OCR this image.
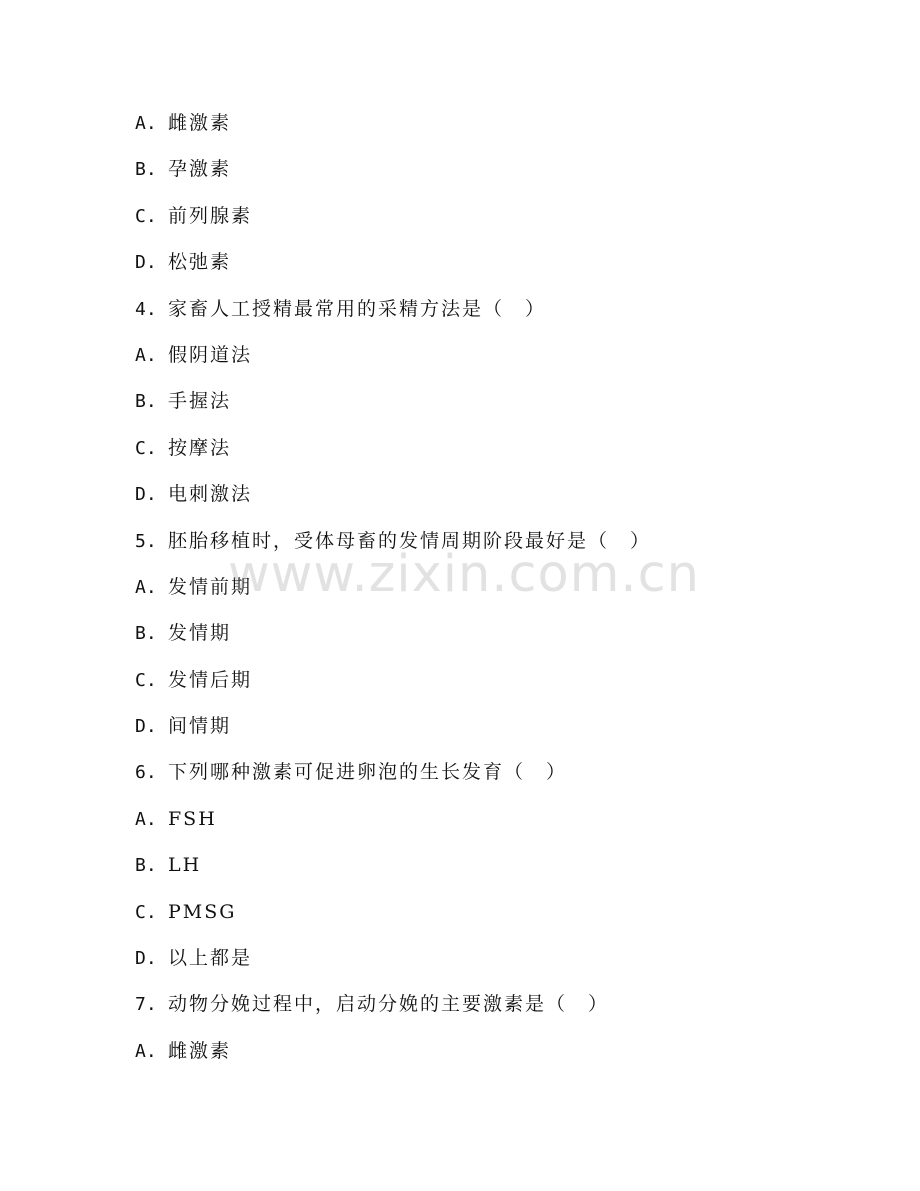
A. 雌激素
B. 孕激素
C. 前列腺素
D. 松弛素
4. 家畜人工授精最常用的采精方法是（　）
A. 假阴道法
B. 手握法
C. 按摩法
D. 电刺激法
5. 胚胎移植时，受体母畜的发情周期阶段最好是（　）
A. 发情前期
B. 发情期
C. 发情后期
D. 间情期
6. 下列哪种激素可促进卵泡的生长发育（　）
A. FSH
B. LH
C. PMSG
D. 以上都是
7. 动物分娩过程中，启动分娩的主要激素是（　）
A. 雌激素
www.zixin.com.cn
